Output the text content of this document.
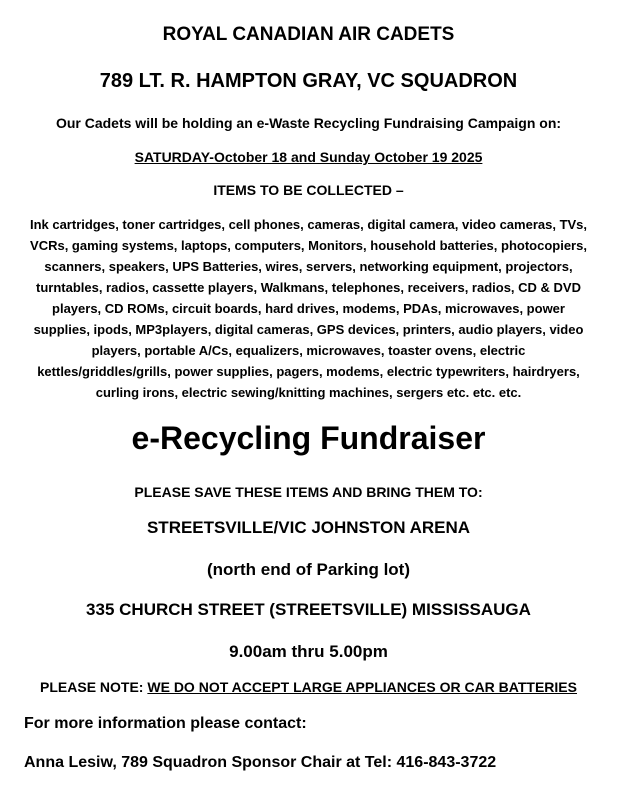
ROYAL CANADIAN AIR CADETS
789 LT. R. HAMPTON GRAY, VC SQUADRON
Our Cadets will be holding an e-Waste Recycling Fundraising Campaign on:
SATURDAY-October 18 and Sunday October 19 2025
ITEMS TO BE COLLECTED –
Ink cartridges, toner cartridges, cell phones, cameras, digital camera, video cameras, TVs, VCRs, gaming systems, laptops, computers, Monitors, household batteries, photocopiers, scanners, speakers, UPS Batteries, wires, servers, networking equipment, projectors, turntables, radios, cassette players, Walkmans, telephones, receivers, radios, CD & DVD players, CD ROMs, circuit boards, hard drives, modems, PDAs, microwaves, power supplies, ipods, MP3players, digital cameras, GPS devices, printers, audio players, video players, portable A/Cs, equalizers, microwaves, toaster ovens, electric kettles/griddles/grills, power supplies, pagers, modems, electric typewriters, hairdryers, curling irons, electric sewing/knitting machines, sergers etc. etc. etc.
e-Recycling Fundraiser
PLEASE SAVE THESE ITEMS AND BRING THEM TO:
STREETSVILLE/VIC JOHNSTON ARENA
(north end of Parking lot)
335 CHURCH STREET (STREETSVILLE) MISSISSAUGA
9.00am thru 5.00pm
PLEASE NOTE: WE DO NOT ACCEPT LARGE APPLIANCES OR CAR BATTERIES
For more information please contact:
Anna Lesiw, 789 Squadron Sponsor Chair at Tel: 416-843-3722
